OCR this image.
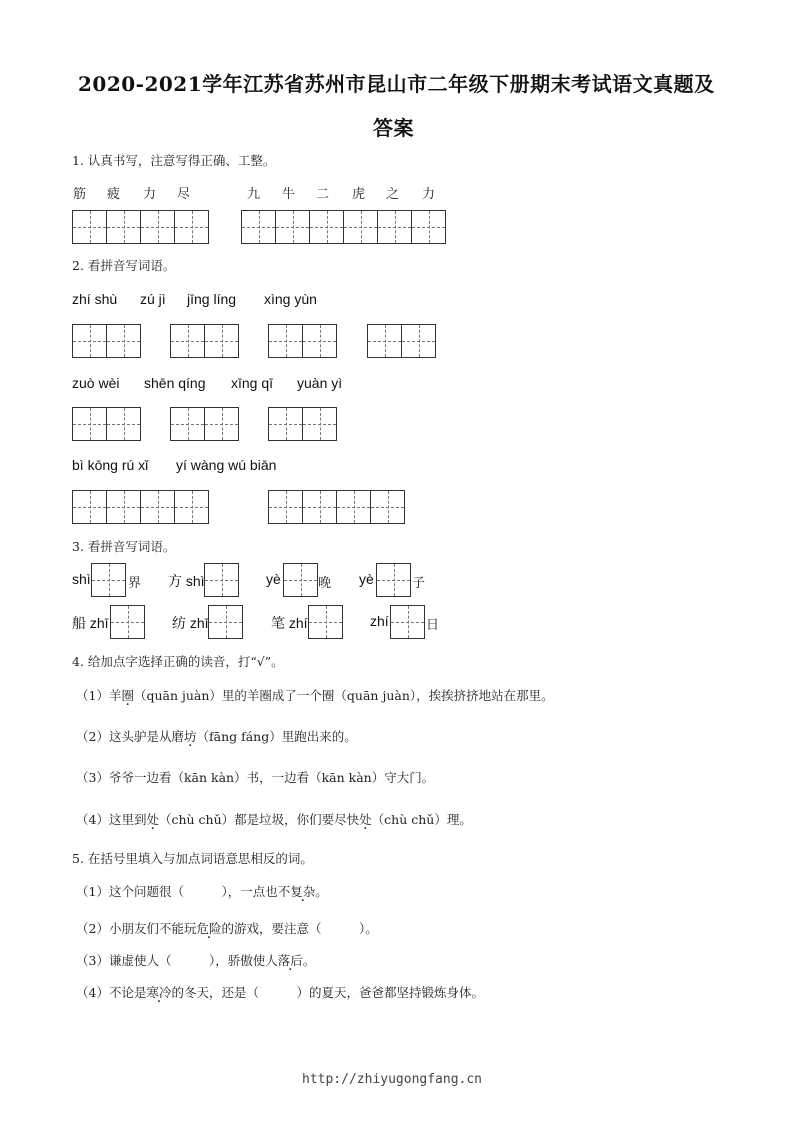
2020-2021学年江苏省苏州市昆山市二年级下册期末考试语文真题及
答案
1. 认真书写，注意写得正确、工整。
筋 疲 力 尽	九 牛 二 虎 之 力
2. 看拼音写词语。
zhí shù zú jì jīng líng xìng yùn
zuò wèi shēn qíng xīng qī yuàn yì
bì kōng rú xǐ yí wàng wú biān
3. 看拼音写词语。
shì	界 方 shì	yè	晚 yè	子
船 zhī	纺 zhī	笔 zhí	zhí	日
4. 给加点字选择正确的读音，打“√”。
（1）羊圈（quān juàn）里的羊圈成了一个圈（quān juàn），挨挨挤挤地站在那里。
（2）这头驴是从磨坊（fāng fáng）里跑出来的。
（3）爷爷一边看（kān kàn）书，一边看（kān kàn）守大门。
（4）这里到处（chù chǔ）都是垃圾，你们要尽快处（chù chǔ）理。
5. 在括号里填入与加点词语意思相反的词。
（1）这个问题很（　　　），一点也不复杂。
（2）小朋友们不能玩危险的游戏，要注意（　　　）。
（3）谦虚使人（　　　），骄傲使人落后。
（4）不论是寒冷的冬天，还是（　　　）的夏天，爸爸都坚持锻炼身体。
http://zhiyugongfang.cn
